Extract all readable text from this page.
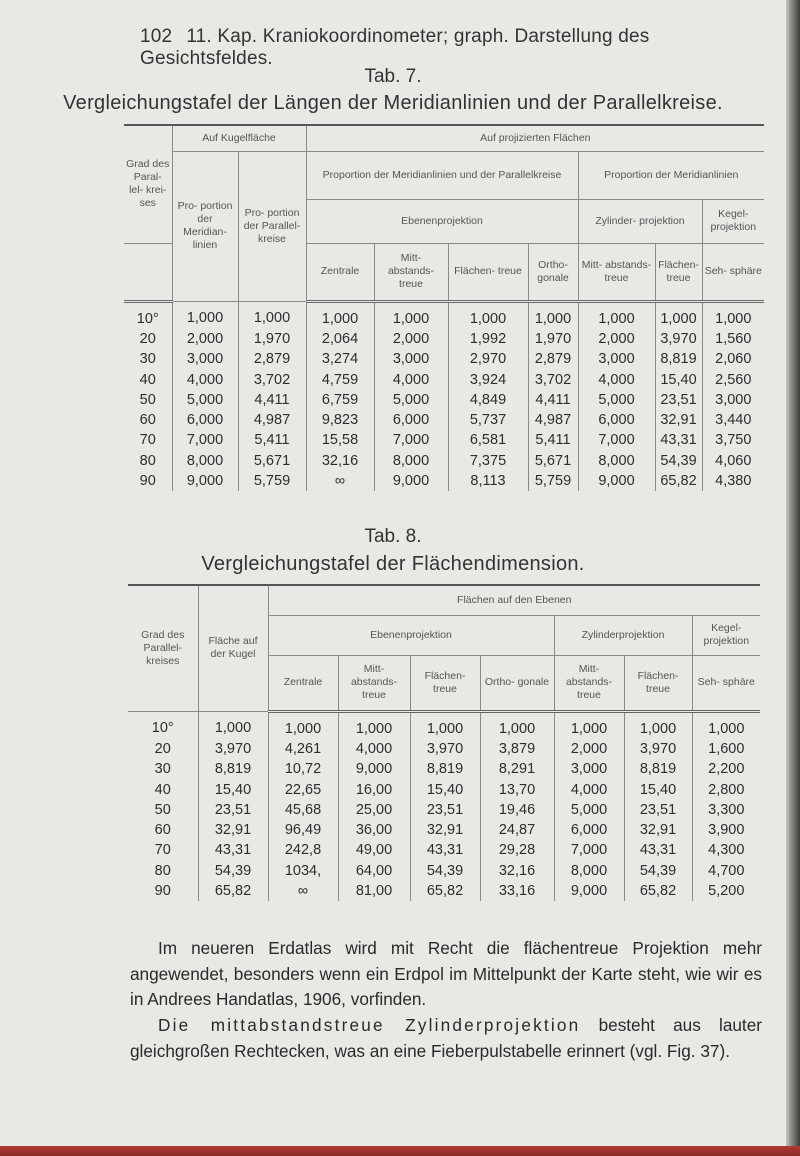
102 11. Kap. Kraniokoordinometer; graph. Darstellung des Gesichtsfeldes.
Tab. 7.
Vergleichungstafel der Längen der Meridianlinien und der Parallelkreise.
Grad des Paral- lel- krei- ses	Auf Kugelfläche		Auf projizierten Flächen						
	Pro- portion der Meridian- linien	Pro- portion der Parallel- kreise	Proportion der Meridianlinien und der Parallelkreise				Proportion der Meridianlinien		
			Ebenenprojektion				Zylinder- projektion		Kegel- projektion
			Zentrale	Mitt- abstands- treue	Flächen- treue	Ortho- gonale	Mitt- abstands- treue	Flächen- treue	Seh- sphäre
10°	1,000	1,000	1,000	1,000	1,000	1,000	1,000	1,000	1,000
20	2,000	1,970	2,064	2,000	1,992	1,970	2,000	3,970	1,560
30	3,000	2,879	3,274	3,000	2,970	2,879	3,000	8,819	2,060
40	4,000	3,702	4,759	4,000	3,924	3,702	4,000	15,40	2,560
50	5,000	4,411	6,759	5,000	4,849	4,411	5,000	23,51	3,000
60	6,000	4,987	9,823	6,000	5,737	4,987	6,000	32,91	3,440
70	7,000	5,411	15,58	7,000	6,581	5,411	7,000	43,31	3,750
80	8,000	5,671	32,16	8,000	7,375	5,671	8,000	54,39	4,060
90	9,000	5,759	∞	9,000	8,113	5,759	9,000	65,82	4,380
Tab. 8.
Vergleichungstafel der Flächendimension.
Grad des Parallel- kreises	Fläche auf der Kugel	Flächen auf den Ebenen						
		Ebenenprojektion				Zylinderprojektion		Kegel- projektion
		Zentrale	Mitt- abstands- treue	Flächen- treue	Ortho- gonale	Mitt- abstands- treue	Flächen- treue	Seh- sphäre
10°	1,000	1,000	1,000	1,000	1,000	1,000	1,000	1,000
20	3,970	4,261	4,000	3,970	3,879	2,000	3,970	1,600
30	8,819	10,72	9,000	8,819	8,291	3,000	8,819	2,200
40	15,40	22,65	16,00	15,40	13,70	4,000	15,40	2,800
50	23,51	45,68	25,00	23,51	19,46	5,000	23,51	3,300
60	32,91	96,49	36,00	32,91	24,87	6,000	32,91	3,900
70	43,31	242,8	49,00	43,31	29,28	7,000	43,31	4,300
80	54,39	1034,	64,00	54,39	32,16	8,000	54,39	4,700
90	65,82	∞	81,00	65,82	33,16	9,000	65,82	5,200
Im neueren Erdatlas wird mit Recht die flächentreue Projektion mehr angewendet, besonders wenn ein Erdpol im Mittelpunkt der Karte steht, wie wir es in Andrees Handatlas, 1906, vorfinden.
Die mittabstandstreue Zylinderprojektion besteht aus lauter gleichgroßen Rechtecken, was an eine Fieberpulstabelle erinnert (vgl. Fig. 37).
